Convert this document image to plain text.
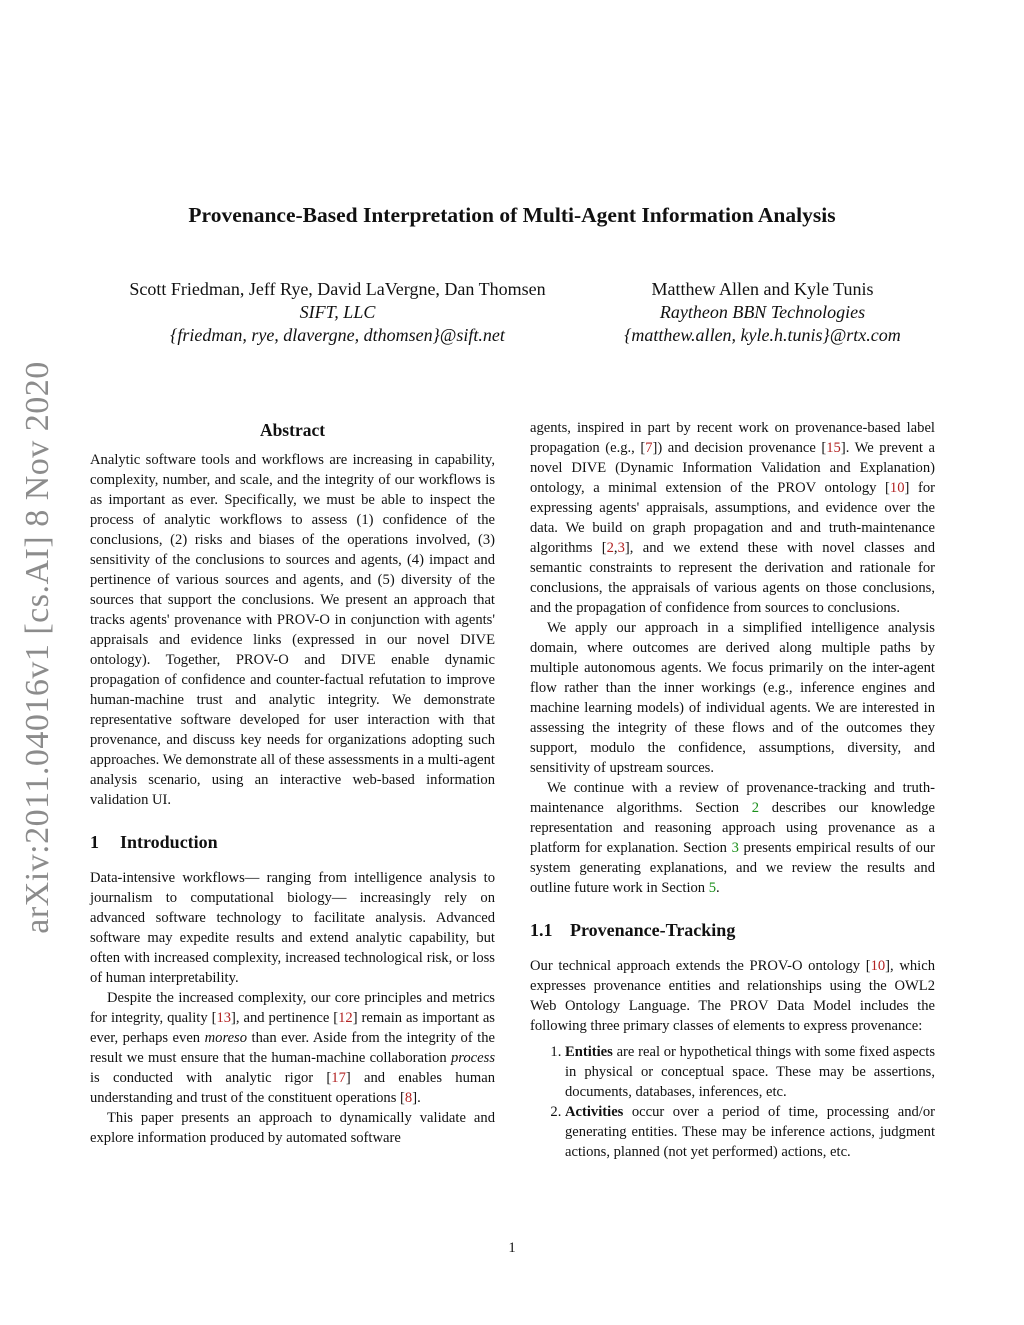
arXiv:2011.04016v1 [cs.AI] 8 Nov 2020
Provenance-Based Interpretation of Multi-Agent Information Analysis
Scott Friedman, Jeff Rye, David LaVergne, Dan Thomsen
SIFT, LLC
{friedman, rye, dlavergne, dthomsen}@sift.net
Matthew Allen and Kyle Tunis
Raytheon BBN Technologies
{matthew.allen, kyle.h.tunis}@rtx.com
Abstract

Analytic software tools and workflows are increasing in capability, complexity, number, and scale, and the integrity of our workflows is as important as ever. Specifically, we must be able to inspect the process of analytic workflows to assess (1) confidence of the conclusions, (2) risks and biases of the operations involved, (3) sensitivity of the conclusions to sources and agents, (4) impact and pertinence of various sources and agents, and (5) diversity of the sources that support the conclusions. We present an approach that tracks agents' provenance with PROV-O in conjunction with agents' appraisals and evidence links (expressed in our novel DIVE ontology). Together, PROV-O and DIVE enable dynamic propagation of confidence and counter-factual refutation to improve human-machine trust and analytic integrity. We demonstrate representative software developed for user interaction with that provenance, and discuss key needs for organizations adopting such approaches. We demonstrate all of these assessments in a multi-agent analysis scenario, using an interactive web-based information validation UI.

1 Introduction

Data-intensive workflows— ranging from intelligence analysis to journalism to computational biology— increasingly rely on advanced software technology to facilitate analysis. Advanced software may expedite results and extend analytic capability, but often with increased complexity, increased technological risk, or loss of human interpretability.

Despite the increased complexity, our core principles and metrics for integrity, quality [13], and pertinence [12] remain as important as ever, perhaps even moreso than ever. Aside from the integrity of the result we must ensure that the human-machine collaboration process is conducted with analytic rigor [17] and enables human understanding and trust of the constituent operations [8].

This paper presents an approach to dynamically validate and explore information produced by automated software

agents, inspired in part by recent work on provenance-based label propagation (e.g., [7]) and decision provenance [15]. We prevent a novel DIVE (Dynamic Information Validation and Explanation) ontology, a minimal extension of the PROV ontology [10] for expressing agents' appraisals, assumptions, and evidence over the data. We build on graph propagation and and truth-maintenance algorithms [2,3], and we extend these with novel classes and semantic constraints to represent the derivation and rationale for conclusions, the appraisals of various agents on those conclusions, and the propagation of confidence from sources to conclusions.

We apply our approach in a simplified intelligence analysis domain, where outcomes are derived along multiple paths by multiple autonomous agents. We focus primarily on the inter-agent flow rather than the inner workings (e.g., inference engines and machine learning models) of individual agents. We are interested in assessing the integrity of these flows and of the outcomes they support, modulo the confidence, assumptions, diversity, and sensitivity of upstream sources.

We continue with a review of provenance-tracking and truth-maintenance algorithms. Section 2 describes our knowledge representation and reasoning approach using provenance as a platform for explanation. Section 3 presents empirical results of our system generating explanations, and we review the results and outline future work in Section 5.

1.1 Provenance-Tracking

Our technical approach extends the PROV-O ontology [10], which expresses provenance entities and relationships using the OWL2 Web Ontology Language. The PROV Data Model includes the following three primary classes of elements to express provenance:

1. Entities are real or hypothetical things with some fixed aspects in physical or conceptual space. These may be assertions, documents, databases, inferences, etc.
2. Activities occur over a period of time, processing and/or generating entities. These may be inference actions, judgment actions, planned (not yet performed) actions, etc.
1
